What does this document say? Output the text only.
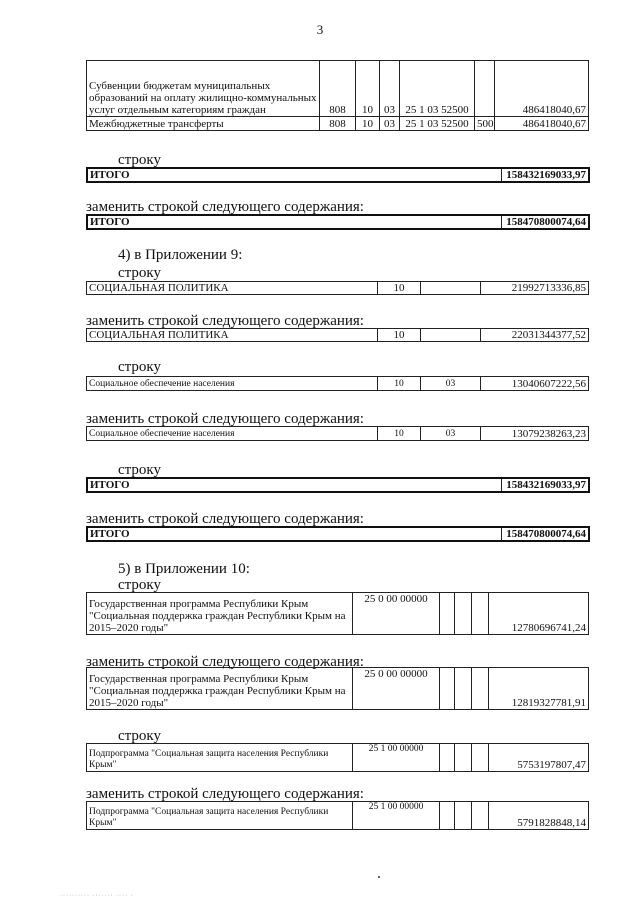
3
Субвенции бюджетам муниципальных образований на оплату жилищно-коммунальных услуг отдельным категориям граждан	808	10	03	25 1 03 52500		486418040,67
Межбюджетные трансферты	808	10	03	25 1 03 52500	500	486418040,67
строку
ИТОГО	158432169033,97
заменить строкой следующего содержания:
ИТОГО	158470800074,64
4) в Приложении 9:
строку
СОЦИАЛЬНАЯ ПОЛИТИКА	10		21992713336,85
заменить строкой следующего содержания:
СОЦИАЛЬНАЯ ПОЛИТИКА	10		22031344377,52
строку
Социальное обеспечение населения	10	03	13040607222,56
заменить строкой следующего содержания:
Социальное обеспечение населения	10	03	13079238263,23
строку
ИТОГО	158432169033,97
заменить строкой следующего содержания:
ИТОГО	158470800074,64
5) в Приложении 10:
строку
Государственная программа Республики Крым "Социальная поддержка граждан Республики Крым на 2015–2020 годы"	25 0 00 00000				12780696741,24
заменить строкой следующего содержания:
Государственная программа Республики Крым "Социальная поддержка граждан Республики Крым на 2015–2020 годы"	25 0 00 00000				12819327781,91
строку
Подпрограмма "Социальная защита населения Республики Крым"	25 1 00 00000				5753197807,47
заменить строкой следующего содержания:
Подпрограмма "Социальная защита населения Республики Крым"	25 1 00 00000				5791828848,14
·········· ······· ···· ·
